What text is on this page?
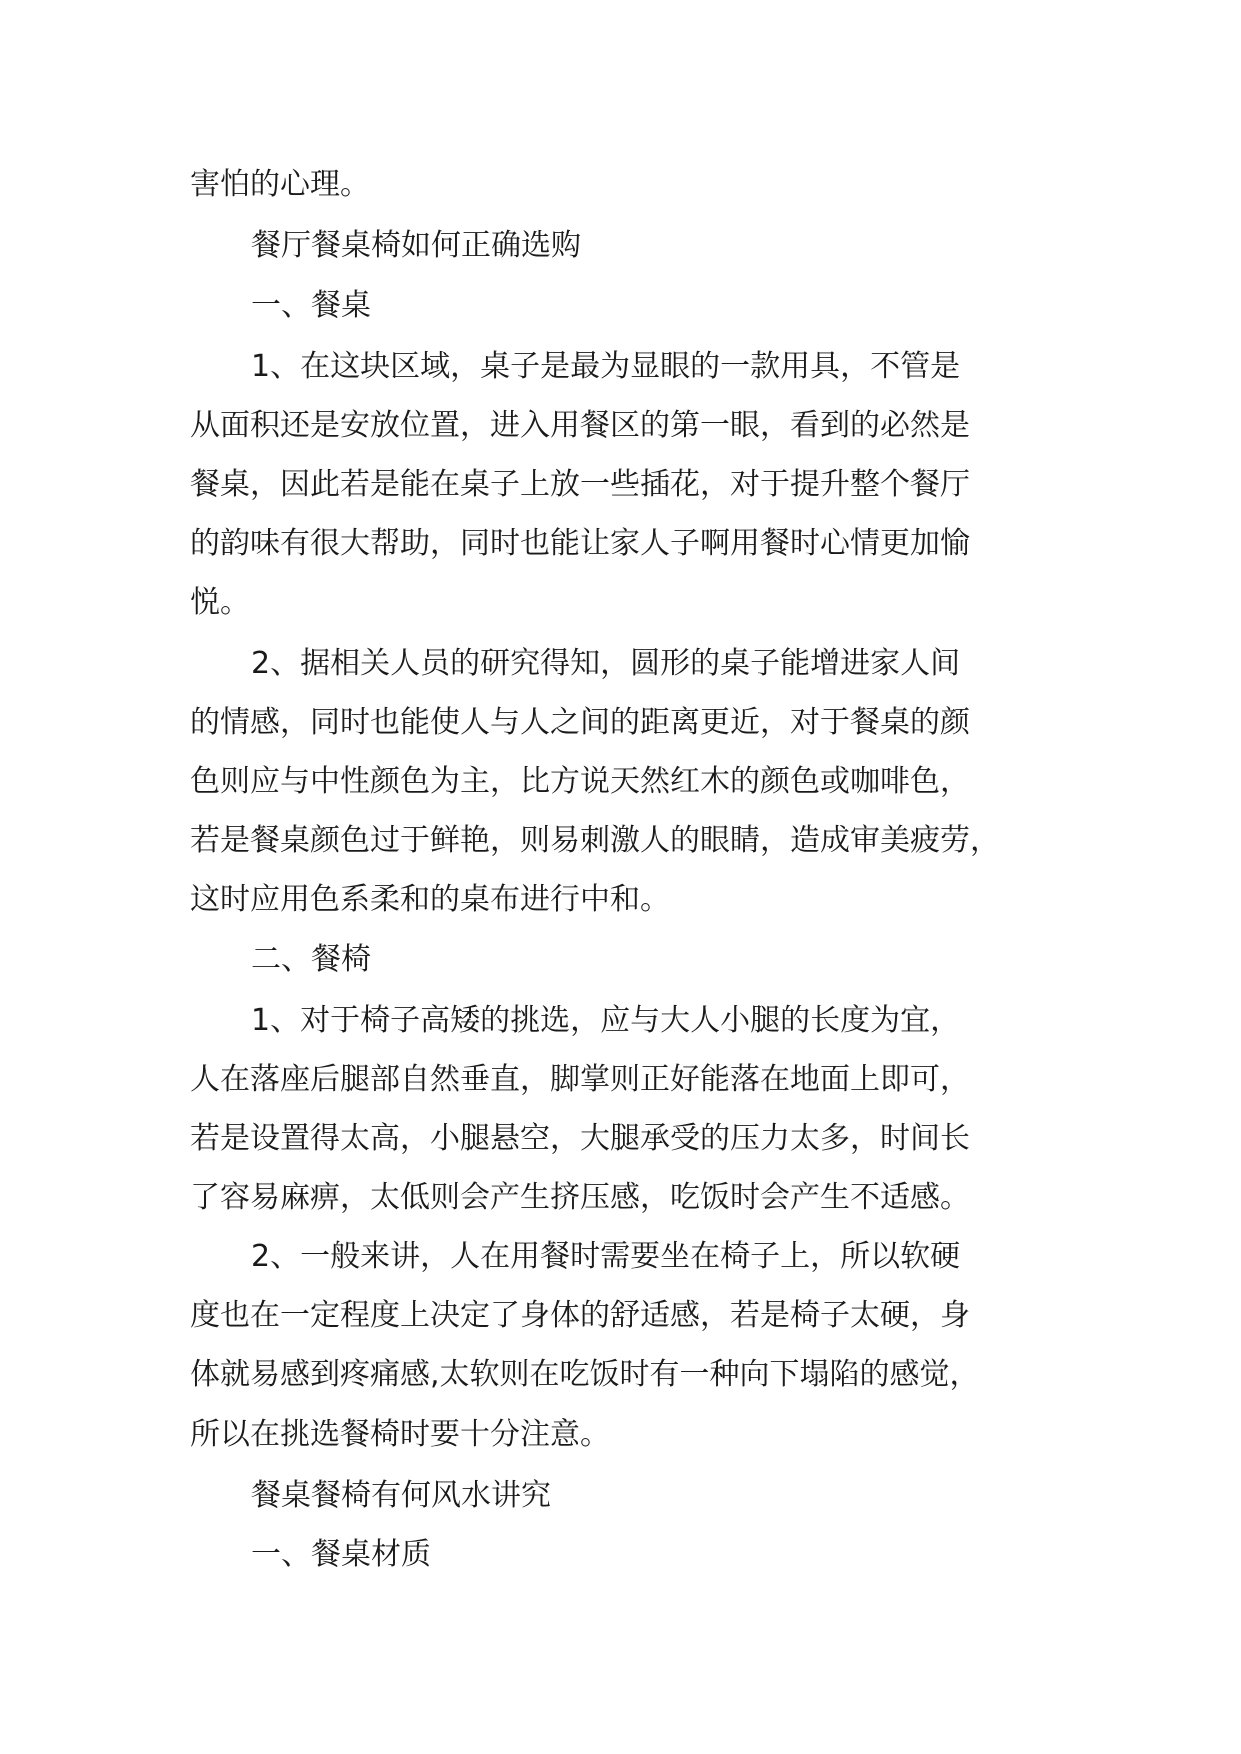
害怕的心理。
餐厅餐桌椅如何正确选购
一、餐桌
1、在这块区域，桌子是最为显眼的一款用具，不管是
从面积还是安放位置，进入用餐区的第一眼，看到的必然是
餐桌，因此若是能在桌子上放一些插花，对于提升整个餐厅
的韵味有很大帮助，同时也能让家人子啊用餐时心情更加愉
悦。
2、据相关人员的研究得知，圆形的桌子能增进家人间
的情感，同时也能使人与人之间的距离更近，对于餐桌的颜
色则应与中性颜色为主，比方说天然红木的颜色或咖啡色，
若是餐桌颜色过于鲜艳，则易刺激人的眼睛，造成审美疲劳，
这时应用色系柔和的桌布进行中和。
二、餐椅
1、对于椅子高矮的挑选，应与大人小腿的长度为宜，
人在落座后腿部自然垂直，脚掌则正好能落在地面上即可，
若是设置得太高，小腿悬空，大腿承受的压力太多，时间长
了容易麻痹，太低则会产生挤压感，吃饭时会产生不适感。
2、一般来讲，人在用餐时需要坐在椅子上，所以软硬
度也在一定程度上决定了身体的舒适感，若是椅子太硬，身
体就易感到疼痛感,太软则在吃饭时有一种向下塌陷的感觉，
所以在挑选餐椅时要十分注意。
餐桌餐椅有何风水讲究
一、餐桌材质
